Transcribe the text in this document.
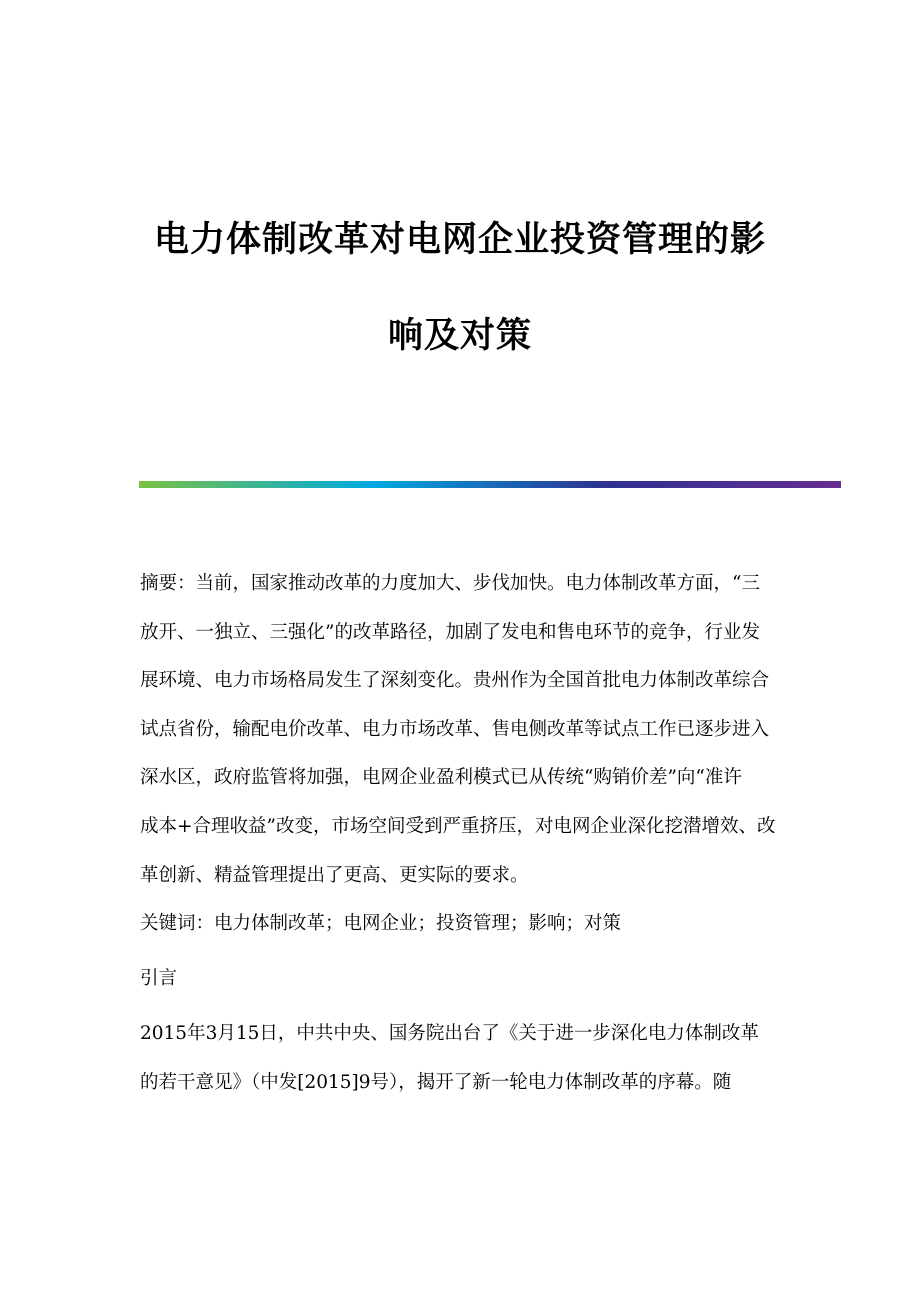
电力体制改革对电网企业投资管理的影
响及对策
摘要：当前，国家推动改革的力度加大、步伐加快。电力体制改革方面，“三
放开、一独立、三强化”的改革路径，加剧了发电和售电环节的竞争，行业发
展环境、电力市场格局发生了深刻变化。贵州作为全国首批电力体制改革综合
试点省份，输配电价改革、电力市场改革、售电侧改革等试点工作已逐步进入
深水区，政府监管将加强，电网企业盈利模式已从传统“购销价差”向“准许
成本+合理收益”改变，市场空间受到严重挤压，对电网企业深化挖潜增效、改
革创新、精益管理提出了更高、更实际的要求。
关键词：电力体制改革；电网企业；投资管理；影响；对策
引言
2015年3月15日，中共中央、国务院出台了《关于进一步深化电力体制改革
的若干意见》（中发[2015]9号），揭开了新一轮电力体制改革的序幕。随
